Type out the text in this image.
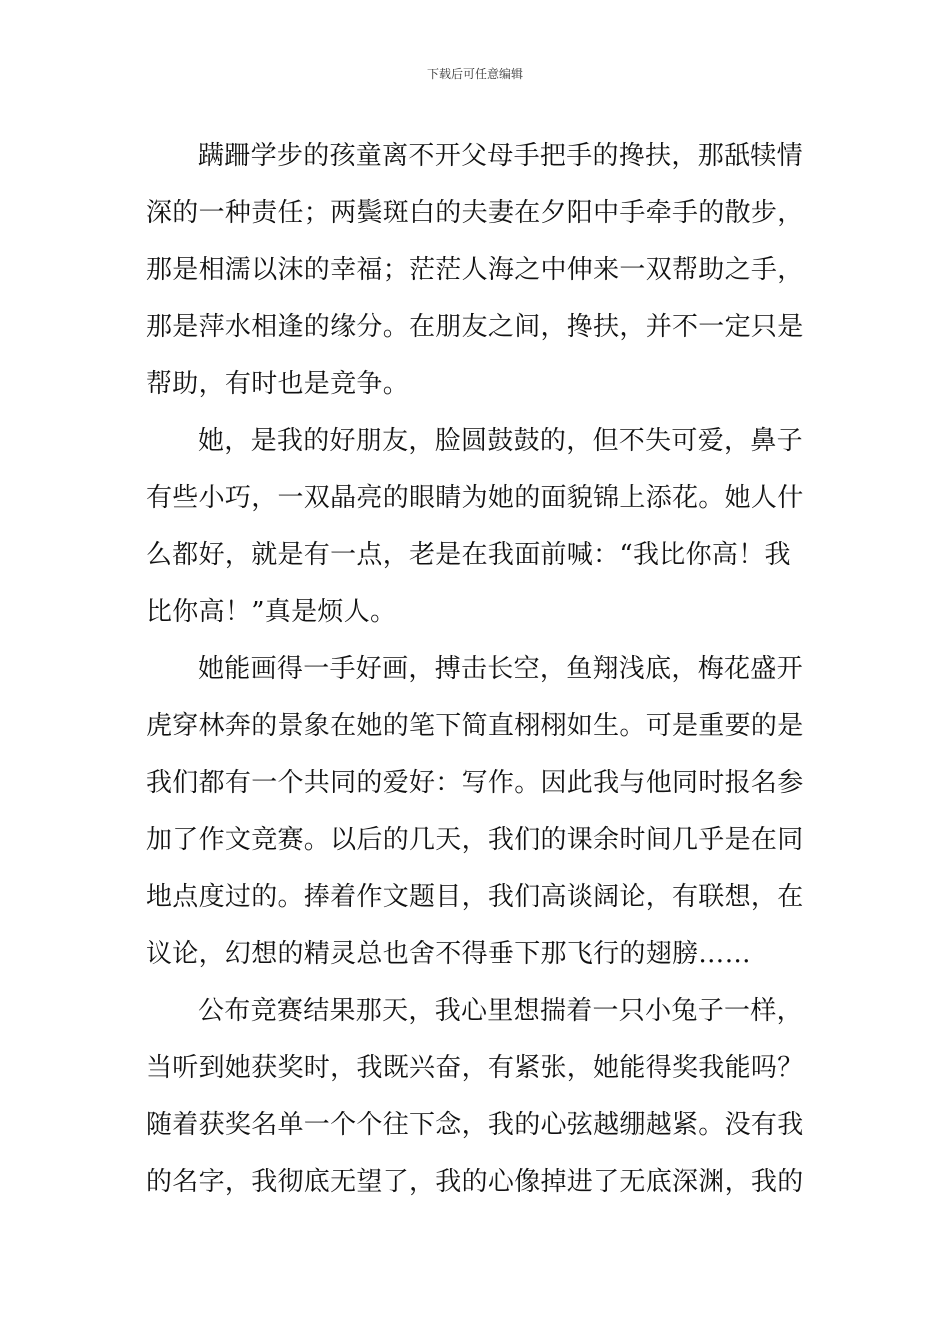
下载后可任意编辑
蹒跚学步的孩童离不开父母手把手的搀扶，那舐犊情
深的一种责任；两鬓斑白的夫妻在夕阳中手牵手的散步，
那是相濡以沫的幸福；茫茫人海之中伸来一双帮助之手，
那是萍水相逢的缘分。在朋友之间，搀扶，并不一定只是
帮助，有时也是竞争。
她，是我的好朋友，脸圆鼓鼓的，但不失可爱，鼻子
有些小巧，一双晶亮的眼睛为她的面貌锦上添花。她人什
么都好，就是有一点，老是在我面前喊：“我比你高！我
比你高！”真是烦人。
她能画得一手好画，搏击长空，鱼翔浅底，梅花盛开
虎穿林奔的景象在她的笔下简直栩栩如生。可是重要的是
我们都有一个共同的爱好：写作。因此我与他同时报名参
加了作文竞赛。以后的几天，我们的课余时间几乎是在同
地点度过的。捧着作文题目，我们高谈阔论，有联想，在
议论，幻想的精灵总也舍不得垂下那飞行的翅膀……
公布竞赛结果那天，我心里想揣着一只小兔子一样，
当听到她获奖时，我既兴奋，有紧张，她能得奖我能吗？
随着获奖名单一个个往下念，我的心弦越绷越紧。没有我
的名字，我彻底无望了，我的心像掉进了无底深渊，我的
